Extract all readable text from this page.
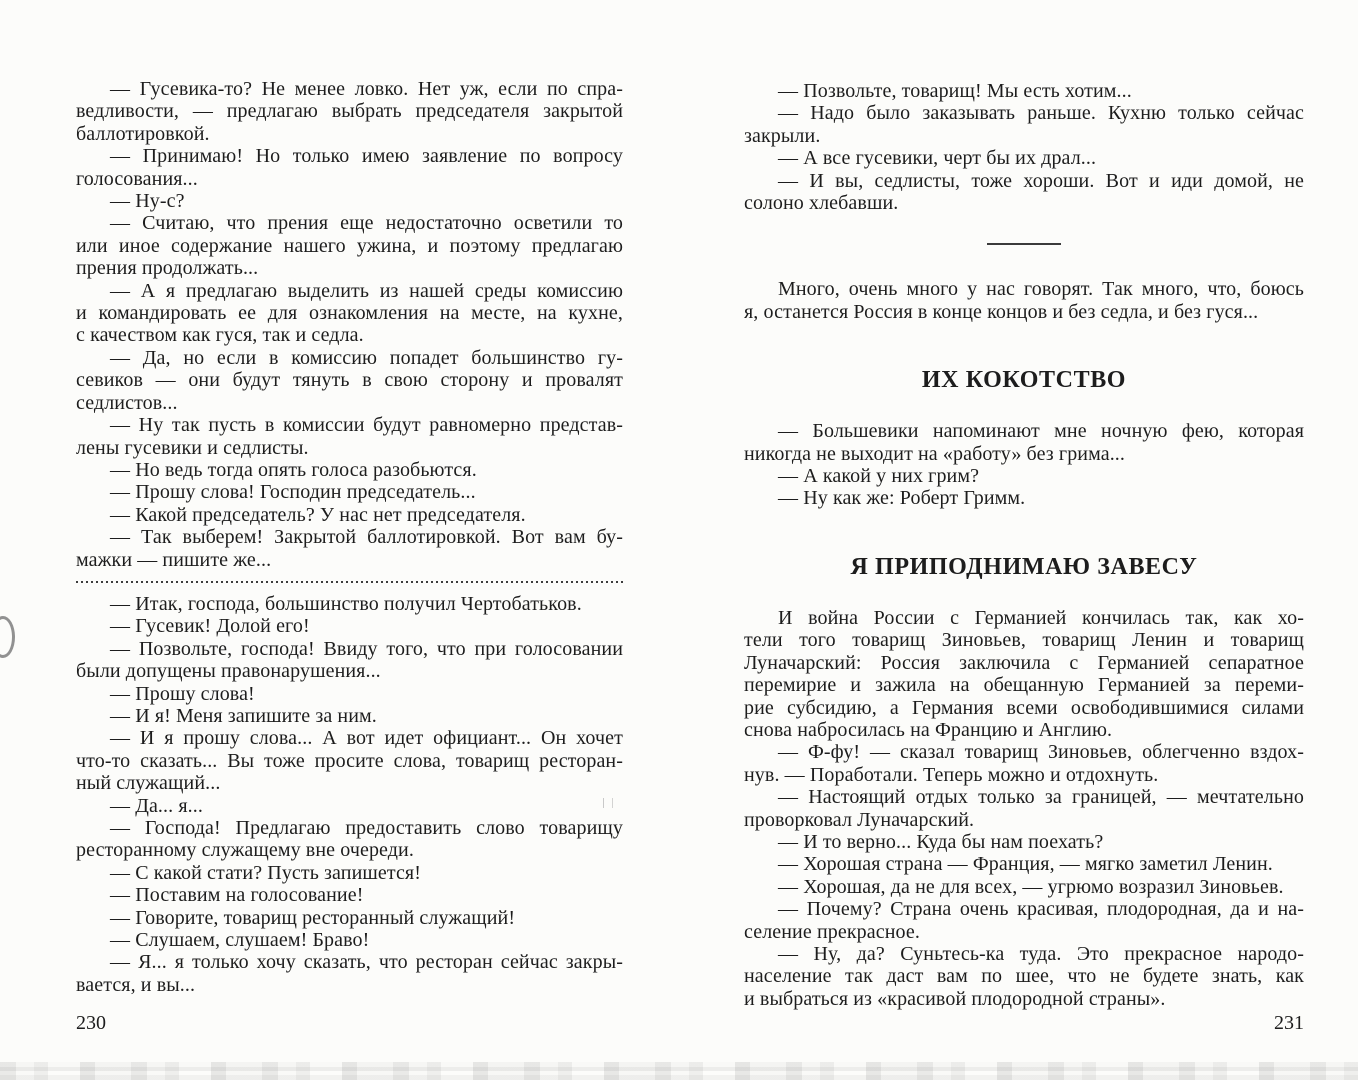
— Гусевика-то? Не менее ловко. Нет уж, если по спра-
ведливости, — предлагаю выбрать председателя закрытой
баллотировкой.
— Принимаю! Но только имею заявление по вопросу
голосования...
— Ну-с?
— Считаю, что прения еще недостаточно осветили то
или иное содержание нашего ужина, и поэтому предлагаю
прения продолжать...
— А я предлагаю выделить из нашей среды комиссию
и командировать ее для ознакомления на месте, на кухне,
с качеством как гуся, так и седла.
— Да, но если в комиссию попадет большинство гу-
севиков — они будут тянуть в свою сторону и провалят
седлистов...
— Ну так пусть в комиссии будут равномерно представ-
лены гусевики и седлисты.
— Но ведь тогда опять голоса разобьются.
— Прошу слова! Господин председатель...
— Какой председатель? У нас нет председателя.
— Так выберем! Закрытой баллотировкой. Вот вам бу-
мажки — пишите же...
— Итак, господа, большинство получил Чертобатьков.
— Гусевик! Долой его!
— Позвольте, господа! Ввиду того, что при голосовании
были допущены правонарушения...
— Прошу слова!
— И я! Меня запишите за ним.
— И я прошу слова... А вот идет официант... Он хочет
что-то сказать... Вы тоже просите слова, товарищ ресторан-
ный служащий...
— Да... я...
— Господа! Предлагаю предоставить слово товарищу
ресторанному служащему вне очереди.
— С какой стати? Пусть запишется!
— Поставим на голосование!
— Говорите, товарищ ресторанный служащий!
— Слушаем, слушаем! Браво!
— Я... я только хочу сказать, что ресторан сейчас закры-
вается, и вы...
— Позвольте, товарищ! Мы есть хотим...
— Надо было заказывать раньше. Кухню только сейчас
закрыли.
— А все гусевики, черт бы их драл...
— И вы, седлисты, тоже хороши. Вот и иди домой, не
солоно хлебавши.
Много, очень много у нас говорят. Так много, что, боюсь
я, останется Россия в конце концов и без седла, и без гуся...
ИХ КОКОТСТВО
— Большевики напоминают мне ночную фею, которая
никогда не выходит на «работу» без грима...
— А какой у них грим?
— Ну как же: Роберт Гримм.
Я ПРИПОДНИМАЮ ЗАВЕСУ
И война России с Германией кончилась так, как хо-
тели того товарищ Зиновьев, товарищ Ленин и товарищ
Луначарский: Россия заключила с Германией сепаратное
перемирие и зажила на обещанную Германией за переми-
рие субсидию, а Германия всеми освободившимися силами
снова набросилась на Францию и Англию.
— Ф-фу! — сказал товарищ Зиновьев, облегченно вздох-
нув. — Поработали. Теперь можно и отдохнуть.
— Настоящий отдых только за границей, — мечтательно
проворковал Луначарский.
— И то верно... Куда бы нам поехать?
— Хорошая страна — Франция, — мягко заметил Ленин.
— Хорошая, да не для всех, — угрюмо возразил Зиновьев.
— Почему? Страна очень красивая, плодородная, да и на-
селение прекрасное.
— Ну, да? Суньтесь-ка туда. Это прекрасное народо-
население так даст вам по шее, что не будете знать, как
и выбраться из «красивой плодородной страны».
230	231
